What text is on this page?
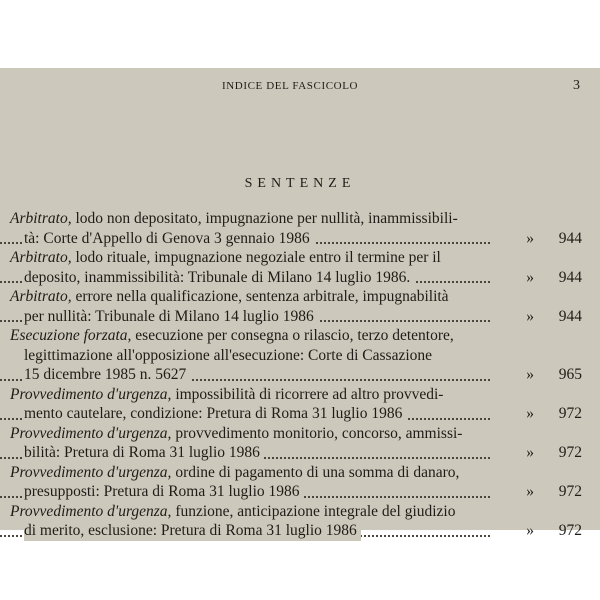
INDICE DEL FASCICOLO	3
SENTENZE
Arbitrato, lodo non depositato, impugnazione per nullità, inammissibili-
tà: Corte d'Appello di Genova 3 gennaio 1986	» 944
Arbitrato, lodo rituale, impugnazione negoziale entro il termine per il
deposito, inammissibilità: Tribunale di Milano 14 luglio 1986.	» 944
Arbitrato, errore nella qualificazione, sentenza arbitrale, impugnabilità
per nullità: Tribunale di Milano 14 luglio 1986	» 944
Esecuzione forzata, esecuzione per consegna o rilascio, terzo detentore,
legittimazione all'opposizione all'esecuzione: Corte di Cassazione
15 dicembre 1985 n. 5627	» 965
Provvedimento d'urgenza, impossibilità di ricorrere ad altro provvedi-
mento cautelare, condizione: Pretura di Roma 31 luglio 1986	» 972
Provvedimento d'urgenza, provvedimento monitorio, concorso, ammissi-
bilità: Pretura di Roma 31 luglio 1986	» 972
Provvedimento d'urgenza, ordine di pagamento di una somma di danaro,
presupposti: Pretura di Roma 31 luglio 1986	» 972
Provvedimento d'urgenza, funzione, anticipazione integrale del giudizio
di merito, esclusione: Pretura di Roma 31 luglio 1986	» 972
